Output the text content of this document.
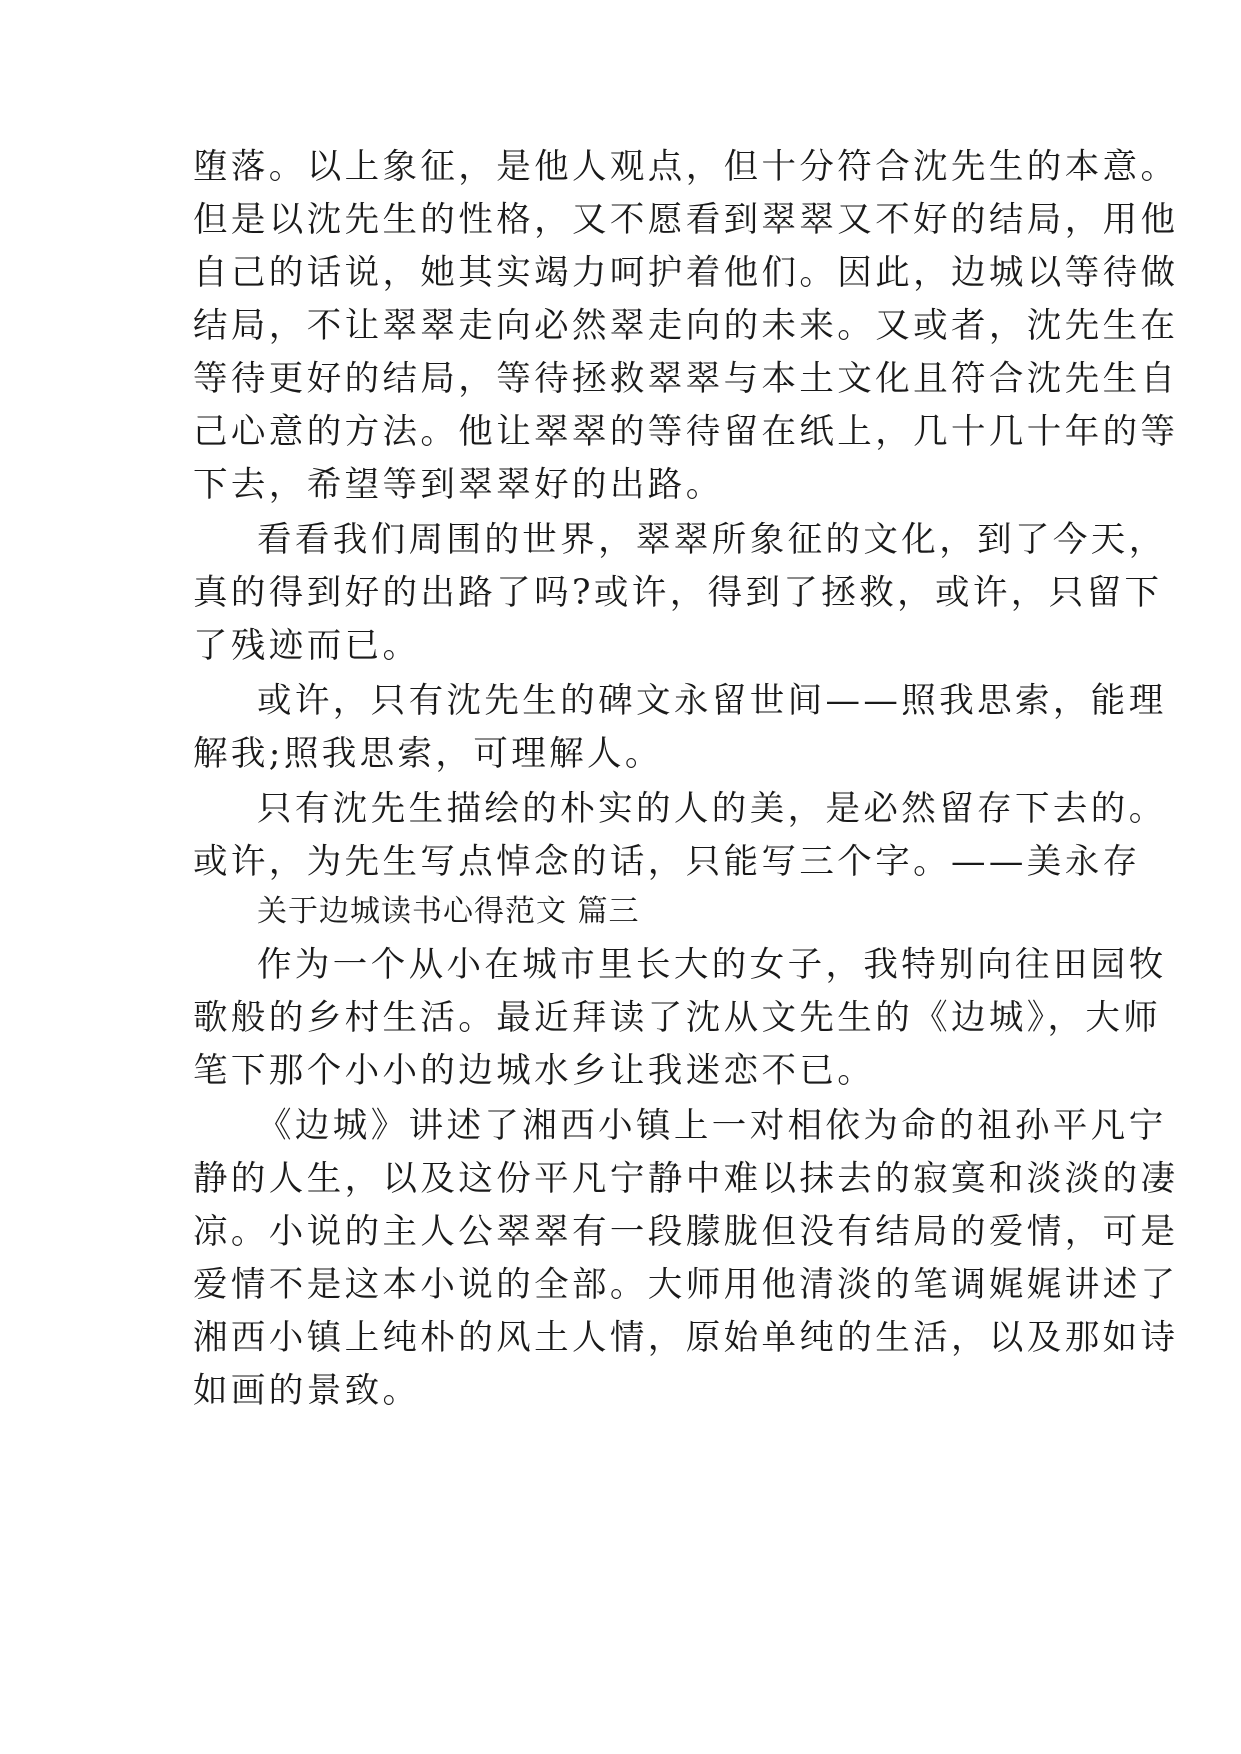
堕落。以上象征，是他人观点，但十分符合沈先生的本意。
但是以沈先生的性格，又不愿看到翠翠又不好的结局，用他
自己的话说，她其实竭力呵护着他们。因此，边城以等待做
结局，不让翠翠走向必然翠走向的未来。又或者，沈先生在
等待更好的结局，等待拯救翠翠与本土文化且符合沈先生自
己心意的方法。他让翠翠的等待留在纸上，几十几十年的等
下去，希望等到翠翠好的出路。
看看我们周围的世界，翠翠所象征的文化，到了今天，
真的得到好的出路了吗?或许，得到了拯救，或许，只留下
了残迹而已。
或许，只有沈先生的碑文永留世间——照我思索，能理
解我;照我思索，可理解人。
只有沈先生描绘的朴实的人的美，是必然留存下去的。
或许，为先生写点悼念的话，只能写三个字。——美永存
关于边城读书心得范文 篇三
作为一个从小在城市里长大的女子，我特别向往田园牧
歌般的乡村生活。最近拜读了沈从文先生的《边城》，大师
笔下那个小小的边城水乡让我迷恋不已。
《边城》讲述了湘西小镇上一对相依为命的祖孙平凡宁
静的人生，以及这份平凡宁静中难以抹去的寂寞和淡淡的凄
凉。小说的主人公翠翠有一段朦胧但没有结局的爱情，可是
爱情不是这本小说的全部。大师用他清淡的笔调娓娓讲述了
湘西小镇上纯朴的风土人情，原始单纯的生活，以及那如诗
如画的景致。
